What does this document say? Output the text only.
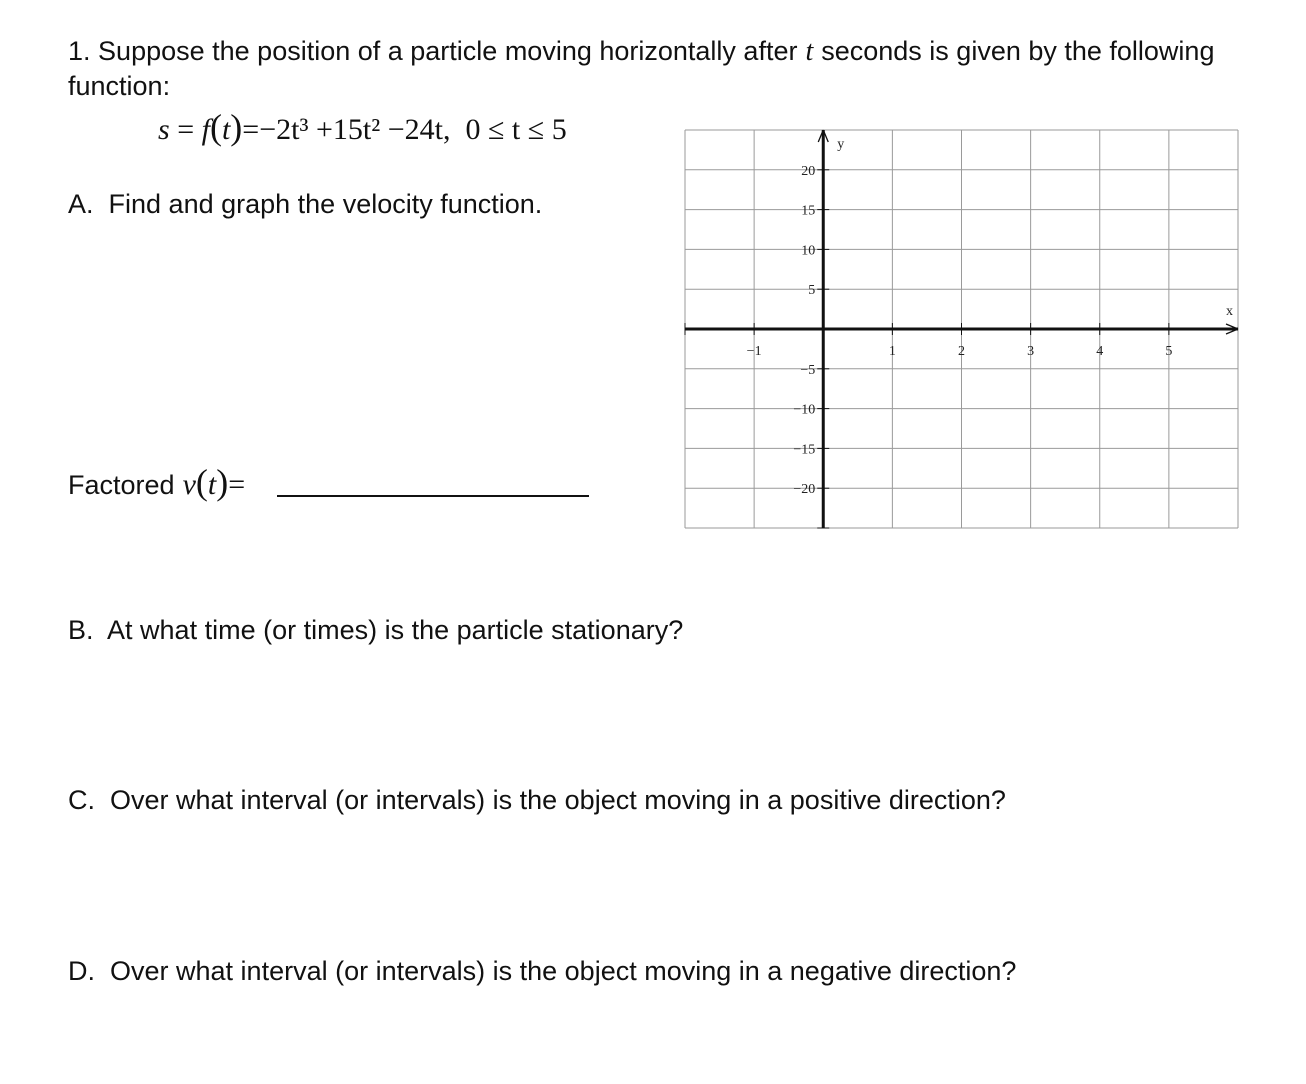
1. Suppose the position of a particle moving horizontally after t seconds is given by the following function:

s = f(t)=−2t³ +15t² −24t,  0 ≤ t ≤ 5

A. Find and graph the velocity function.

Factored v(t)=

B. At what time (or times) is the particle stationary?

C. Over what interval (or intervals) is the object moving in a positive direction?

D. Over what interval (or intervals) is the object moving in a negative direction?

−1	1	2	3	4	5
20
15
10
5
−5
−10
−15
−20
y
x
